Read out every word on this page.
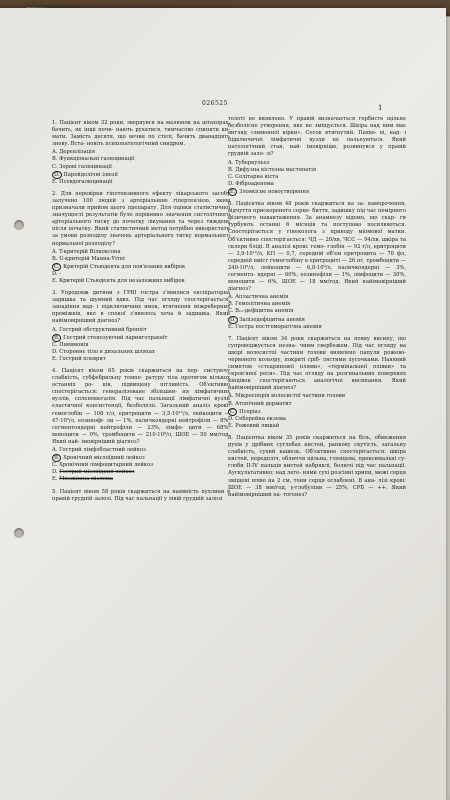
026525
1
1. Пацієнт віком 32 роки, звернувся на малюнок на штахорах, бачить, як інші почи- нають рухатися, тимчасово спинити ки- мати. Замість десятя, що вечив по стелі, бачить дванадцять знову. Вста- новіть психопатологічний синдром.
A. Дереалізація
B. Функціональні галюцинації
C. Зорові галюцинації
D. Парейдолічні ілюзії
E. Псевдогалюцинації
2. Для перевірки гіпотензивного ефекту лікарського засобу залучено 100 людей з артеріальною гіпертензією, яким призначали прийом цього препарату. Для оцінки статистичної значущості результатів було порівняно значення систолічного артеріального тиску до початку лікування та через тиждень після початку. Який статистичний метод потрібно використати за умови розподілу значень артеріального тиску нормального нормальної розподілу?
A. T-критерій Вілкоксона
B. U-критерій Манна-Уітні
C. Критерій Стьюдента для пов'язаних вибірок
D. -
E. Критерій Стьюдента для незалежних вибірок
3. Упродовж дитини з ГРВІ гостра з'явилися експіраторна задишка та шумний вдих. Під час огляду спостерігається: западіння над- і підключичних ямок, втягнення міжреберних проміжків, яке в спокої з'явилось хоча й задишка. Який найімовірніший діагноз?
A. Гострий обструктивний бронхіт
B. Гострий стенозуючий ларинготрахеїт
C. Пневмонія
D. Стороннє тіло в дихальних шляхах
E. Гострий плеврит
4. Пацієнт віком 65 років скаржиться на пер- систуючу слабкість, субфебрильну темпе- ратуру тіла протягом кількох останніх ро- ків, підвищену пітливість. Об'єктивно спостерігається: генералізоване збільшен- ня лімфатичних вузлів, спленомегалія. Під час пальпації лімфатичні вузли еластичної консистенції, безболісні. Загальний аналіз крові: гемоглобін — 108 г/л, еритроцити — 3,5·10¹²/л, лейкоцити — 47·10⁹/л, еозинофі- ли — 1%, паличкоядерні нейтрофіли — 8%, сегментоядерні нейтрофіли — 23%, лімфо- цити — 68%, моноцити — 0%, тромбоцити — 210·10⁹/л, ШОЕ — 50 мм/год. Який най- імовірніший діагноз?
A. Гострий лімфобластний лейкоз
B. Хронічний мієлоїдний лейкоз
C. Хронічний лімфоцитарний лейкоз
D. Гострий мієлоїдний лейкоз
E. Множинна мієлома
5. Пацієнт віком 58 років скаржиться на наявність пухлини в правій грудній залозі. Під час пальпації у лівій грудній залозі
толоті не виявлено. У правій визначається горбисте щільне безболісне утворення, яке не зміщується. Шкіра над ним має вигляд «лимонної кірки». Сосок втягнутий. Пахво- ві, над- і підключичні лімфатичні вузли не пальпуються. Який патологічний стан, най- імовірніше, розвинувся у правій грудній зало- зі?
A. Туберкульоз
B. Дифузна кістозна мастопатія
C. Солітарна кіста
D. Фіброаденома
E. Злоякісне новоутворення
6. Пацієнтка віком 48 років скаржиться на за- паморочення, відчуття прискореного серце- биття, задишку під час помірного фізичного навантаження. За анамнезу відомо, що скар- ги турбують останні 6 місяців та поступово посилюються. Спостерігається у гінеколога з приводу міомової матки. Об'єктивно спостерігається: ЧД — 20/хв, ЧСС — 94/хв, шкіра та склери бліді. В аналізі крові: гемо- глобін — 92 г/л, еритроцити — 3,9·10¹²/л, КП — 0,7, середній об'єм еритроцита — 70 фл, середній вміст гемоглобіну в еритроциті — 26 пг, тромбоцити — 240·10⁹/л, лейкоцити — 6,8·10⁹/л, паличкоядерні — 3%, сегменто- ядерні — 60%, еозинофіли — 1%, лімфоцити — 30%, моноцити — 6%, ШОЕ — 18 мм/год. Який найімовірніший діагноз?
A. Апластична анемія
B. Гемолітична анемія
C. B₁₂-дефіцитна анемія
D. Залізодефіцитна анемія
E. Гостра постгеморагічна анемія
7. Пацієнт віком 34 роки скаржиться на появу висипу, що супроводжується незна- чним свербежем. Під час огляду на шкірі волосистої частини голови виявлено папули рожево-червоного кольору, покриті сріб- лястими лусочками. Наявний симптом «стеаринової плями», «термінальної плівки» та «кров'яної роси». Під час огляду на розгинальних поверхнях кінцівок спостерігаються аналогічні висипання. Який найімовірніший діагноз?
A. Мікроспорія волосистої частини голови
B. Атопічний дерматит
C. Псоріаз
D. Себорейна екзема
E. Рожевий лишай
8. Пацієнтка віком 35 років скаржиться на біль, обмеження рухів у дрібних суглобах кистей, ранкову скутість, загальну слабкість, сухий кашель. Об'єктивно спостерігається: шкіра кистей, передпліч, обличчя щільна, глянцева, проксимальні су- глоби II-IV пальців кистей набряклі, болючі під час пальпації. Аускультативно: над леге- нями сухі розсіяні хрипи, межі серця зміщені вліво на 2 см, тони серця ослаблені. В ана- лізі крові: ШОЕ — 38 мм/год, γ-глобуліни — 25%, СРБ — ++. Який найімовірніший па- тогенез?
